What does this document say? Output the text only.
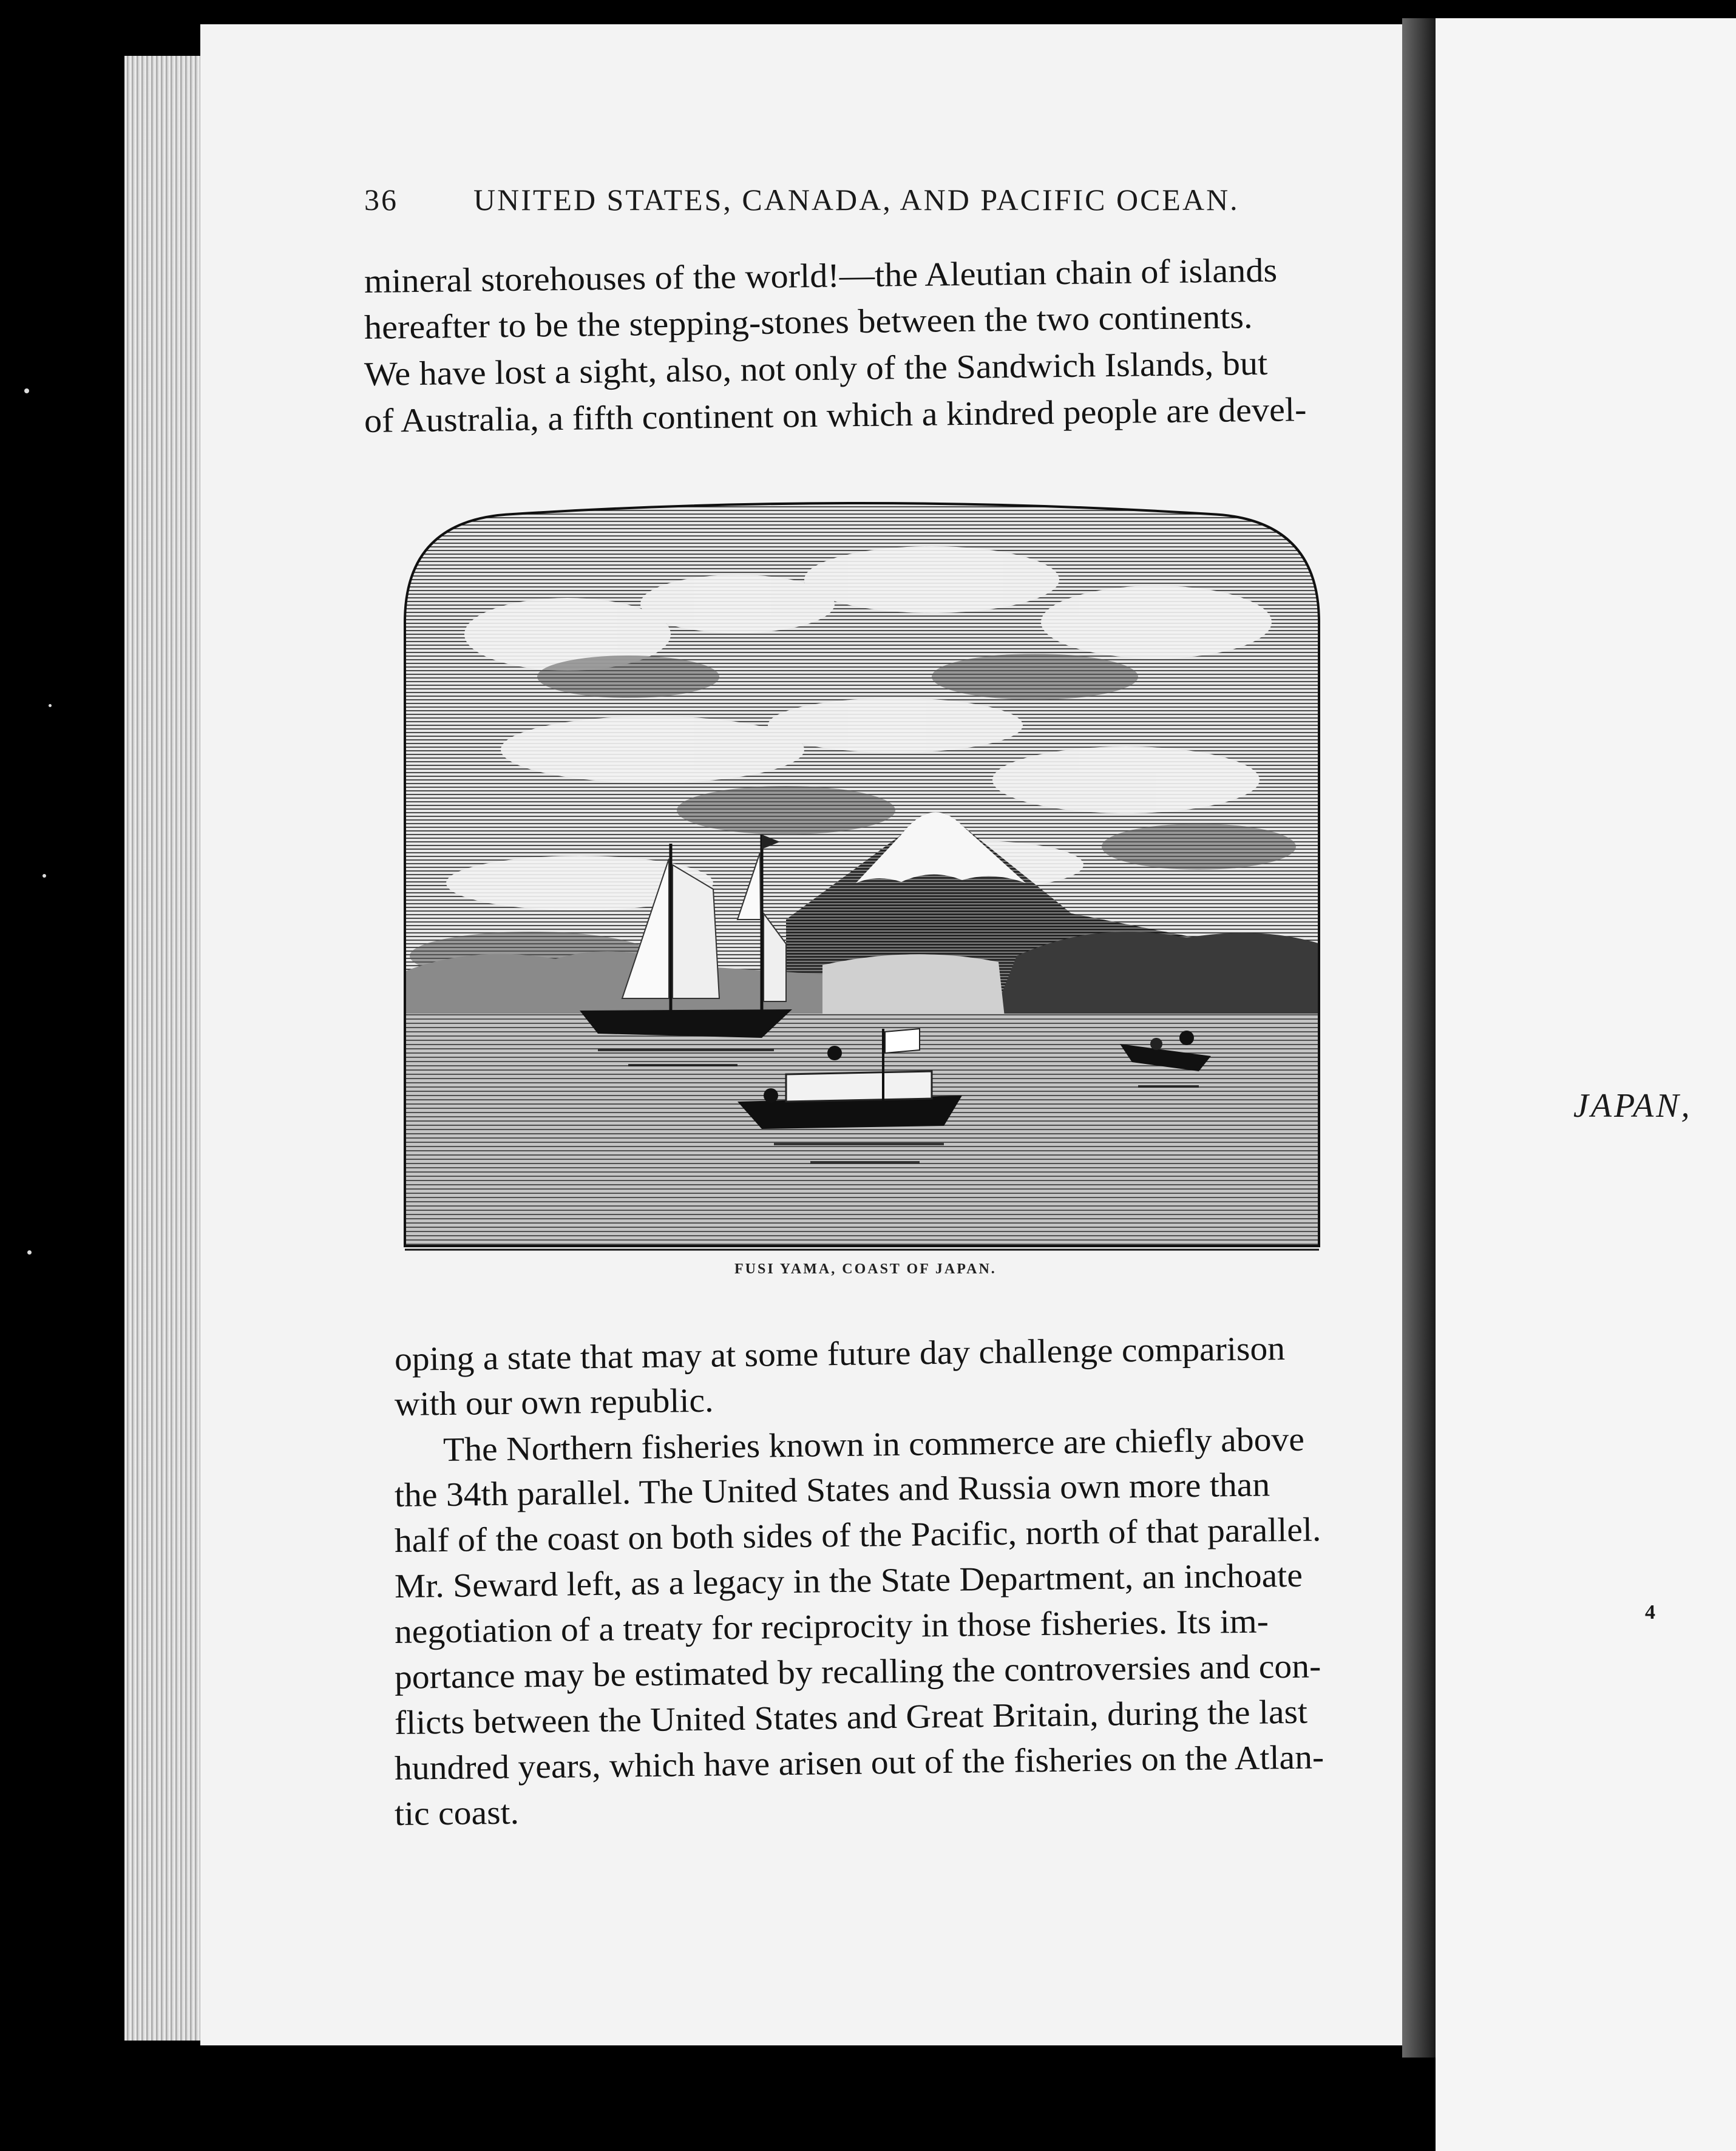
36 UNITED STATES, CANADA, AND PACIFIC OCEAN.
mineral storehouses of the world!—the Aleutian chain of islands
hereafter to be the stepping-stones between the two continents.
We have lost a sight, also, not only of the Sandwich Islands, but
of Australia, a fifth continent on which a kindred people are devel-
FUSI YAMA, COAST OF JAPAN.
oping a state that may at some future day challenge comparison
with our own republic.
The Northern fisheries known in commerce are chiefly above
the 34th parallel. The United States and Russia own more than
half of the coast on both sides of the Pacific, north of that parallel.
Mr. Seward left, as a legacy in the State Department, an inchoate
negotiation of a treaty for reciprocity in those fisheries. Its im-
portance may be estimated by recalling the controversies and con-
flicts between the United States and Great Britain, during the last
hundred years, which have arisen out of the fisheries on the Atlan-
tic coast.
JAPAN,
4
